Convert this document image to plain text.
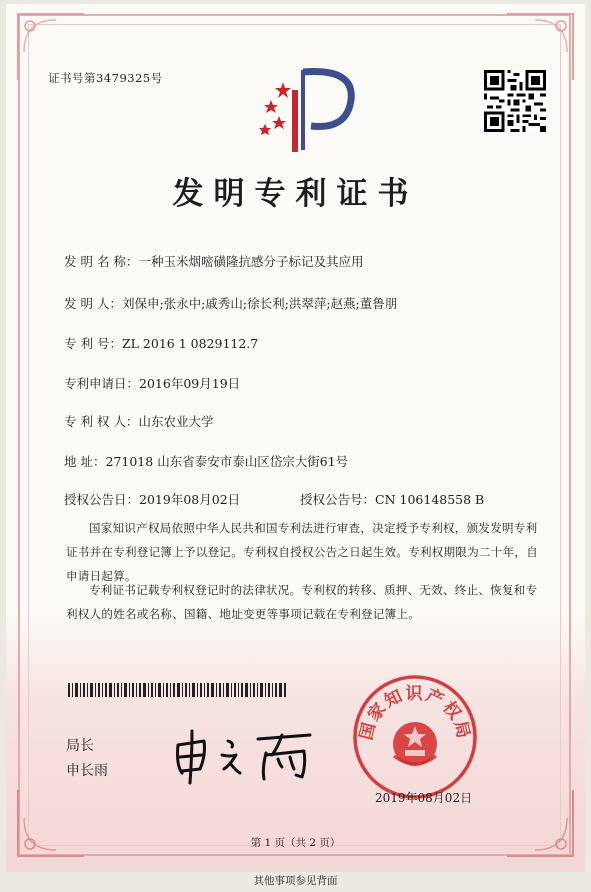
证书号第3479325号
发明专利证书
发 明 名 称：一种玉米烟嘧磺隆抗感分子标记及其应用
发 明 人：刘保申;张永中;戚秀山;徐长利;洪翠萍;赵燕;董鲁朋
专 利 号：ZL 2016 1 0829112.7
专利申请日：2016年09月19日
专 利 权 人：山东农业大学
地 址：271018 山东省泰安市泰山区岱宗大街61号
授权公告日：2019年08月02日	授权公告号：CN 106148558 B
国家知识产权局依照中华人民共和国专利法进行审查，决定授予专利权，颁发发明专利证书并在专利登记簿上予以登记。专利权自授权公告之日起生效。专利权期限为二十年，自申请日起算。
专利证书记载专利权登记时的法律状况。专利权的转移、质押、无效、终止、恢复和专利权人的姓名或名称、国籍、地址变更等事项记载在专利登记簿上。
局长
申长雨
国家知识产权局
2019年08月02日
第 1 页（共 2 页）
其他事项参见背面
